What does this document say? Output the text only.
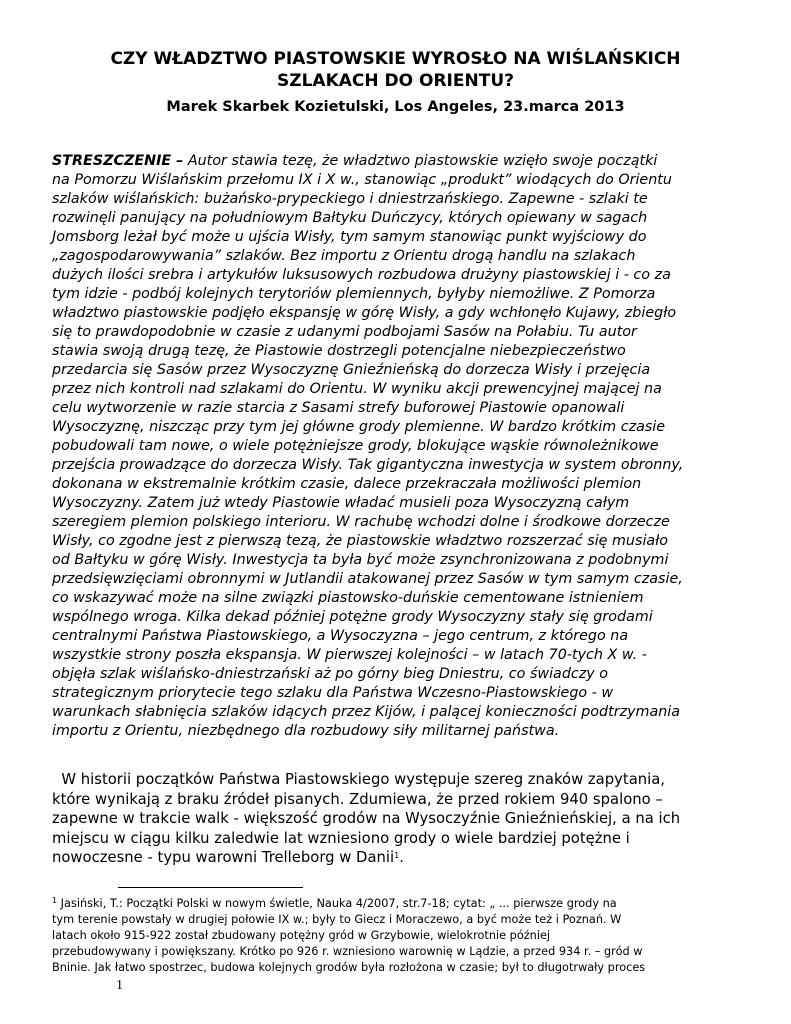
CZY WŁADZTWO PIASTOWSKIE WYROSŁO NA WIŚLAŃSKICH
SZLAKACH DO ORIENTU?

Marek Skarbek Kozietulski, Los Angeles, 23.marca 2013

STRESZCZENIE – Autor stawia tezę, że władztwo piastowskie wzięło swoje początki
na Pomorzu Wiślańskim przełomu IX i X w., stanowiąc „produkt” wiodących do Orientu
szlaków wiślańskich: bużańsko-prypeckiego i dniestrzańskiego. Zapewne - szlaki te
rozwinęli panujący na południowym Bałtyku Duńczycy, których opiewany w sagach
Jomsborg leżał być może u ujścia Wisły, tym samym stanowiąc punkt wyjściowy do
„zagospodarowywania” szlaków. Bez importu z Orientu drogą handlu na szlakach
dużych ilości srebra i artykułów luksusowych rozbudowa drużyny piastowskiej i - co za
tym idzie - podbój kolejnych terytoriów plemiennych, byłyby niemożliwe. Z Pomorza
władztwo piastowskie podjęło ekspansję w górę Wisły, a gdy wchłonęło Kujawy, zbiegło
się to prawdopodobnie w czasie z udanymi podbojami Sasów na Połabiu. Tu autor
stawia swoją drugą tezę, że Piastowie dostrzegli potencjalne niebezpieczeństwo
przedarcia się Sasów przez Wysoczyznę Gnieźnieńską do dorzecza Wisły i przejęcia
przez nich kontroli nad szlakami do Orientu. W wyniku akcji prewencyjnej mającej na
celu wytworzenie w razie starcia z Sasami strefy buforowej Piastowie opanowali
Wysoczyznę, niszcząc przy tym jej główne grody plemienne. W bardzo krótkim czasie
pobudowali tam nowe, o wiele potężniejsze grody, blokujące wąskie równoleżnikowe
przejścia prowadzące do dorzecza Wisły. Tak gigantyczna inwestycja w system obronny,
dokonana w ekstremalnie krótkim czasie, dalece przekraczała możliwości plemion
Wysoczyzny. Zatem już wtedy Piastowie władać musieli poza Wysoczyzną całym
szeregiem plemion polskiego interioru. W rachubę wchodzi dolne i środkowe dorzecze
Wisły, co zgodne jest z pierwszą tezą, że piastowskie władztwo rozszerzać się musiało
od Bałtyku w górę Wisły. Inwestycja ta była być może zsynchronizowana z podobnymi
przedsięwzięciami obronnymi w Jutlandii atakowanej przez Sasów w tym samym czasie,
co wskazywać może na silne związki piastowsko-duńskie cementowane istnieniem
wspólnego wroga. Kilka dekad później potężne grody Wysoczyzny stały się grodami
centralnymi Państwa Piastowskiego, a Wysoczyzna – jego centrum, z którego na
wszystkie strony poszła ekspansja. W pierwszej kolejności – w latach 70-tych X w. -
objęła szlak wiślańsko-dniestrzański aż po górny bieg Dniestru, co świadczy o
strategicznym priorytecie tego szlaku dla Państwa Wczesno-Piastowskiego - w
warunkach słabnięcia szlaków idących przez Kijów, i palącej konieczności podtrzymania
importu z Orientu, niezbędnego dla rozbudowy siły militarnej państwa.

W historii początków Państwa Piastowskiego występuje szereg znaków zapytania,
które wynikają z braku źródeł pisanych. Zdumiewa, że przed rokiem 940 spalono –
zapewne w trakcie walk - większość grodów na Wysoczyźnie Gnieźnieńskiej, a na ich
miejscu w ciągu kilku zaledwie lat wzniesiono grody o wiele bardziej potężne i
nowoczesne - typu warowni Trelleborg w Danii$^1$.

$^1$ Jasiński, T.: Początki Polski w nowym świetle, Nauka 4/2007, str.7-18; cytat: „ ... pierwsze grody na
tym terenie powstały w drugiej połowie IX w.; były to Giecz i Moraczewo, a być może też i Poznań. W
latach około 915-922 został zbudowany potężny gród w Grzybowie, wielokrotnie później
przebudowywany i powiększany. Krótko po 926 r. wzniesiono warownię w Lądzie, a przed 934 r. – gród w
Bninie. Jak łatwo spostrzec, budowa kolejnych grodów była rozłożona w czasie; był to długotrwały proces

1
